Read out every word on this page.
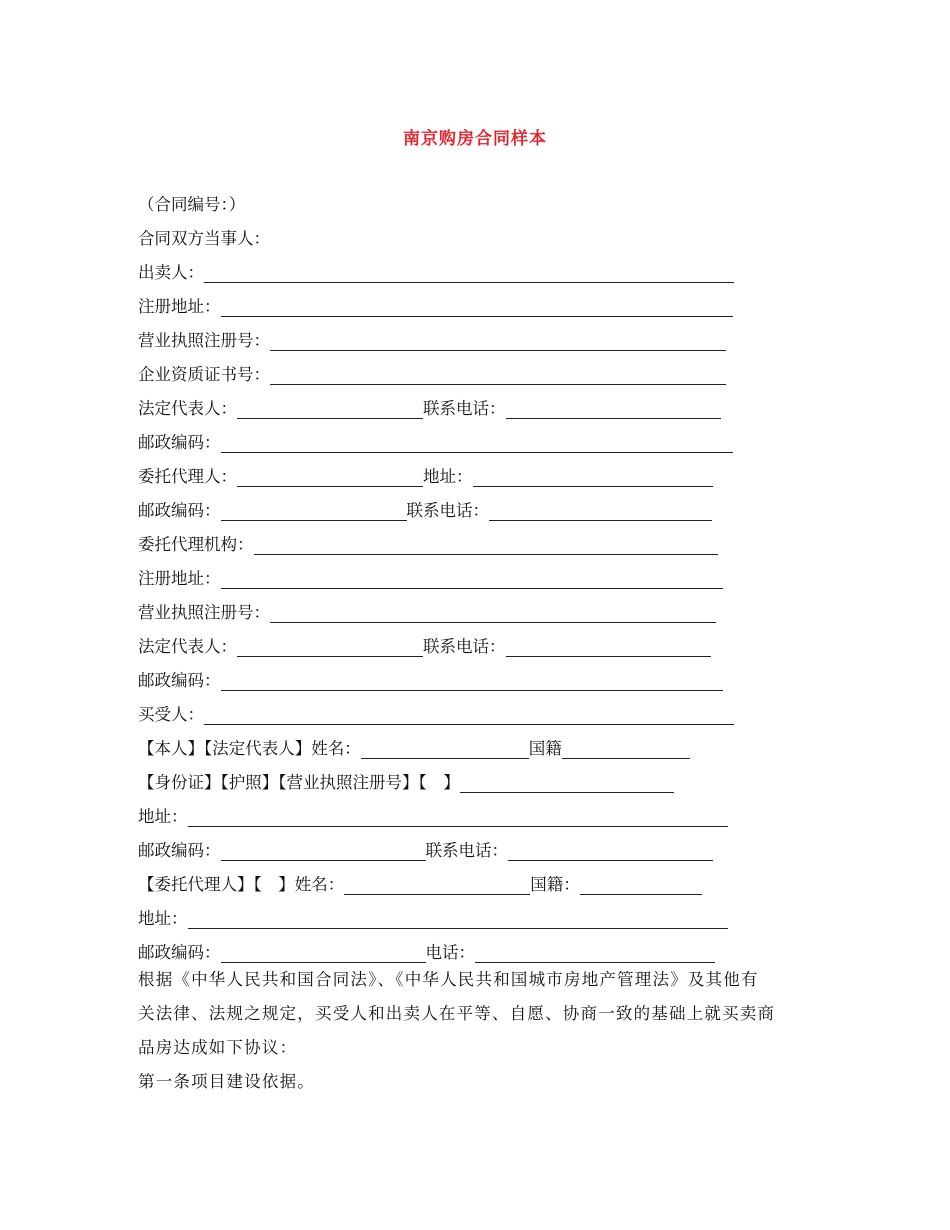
南京购房合同样本
（合同编号：）
合同双方当事人：
出卖人：
注册地址：
营业执照注册号：
企业资质证书号：
法定代表人：	联系电话：
邮政编码：
委托代理人：	地址：
邮政编码：	联系电话：
委托代理机构：
注册地址：
营业执照注册号：
法定代表人：	联系电话：
邮政编码：
买受人：
【本人】【法定代表人】姓名：	国籍
【身份证】【护照】【营业执照注册号】【　】
地址：
邮政编码：	联系电话：
【委托代理人】【　】姓名：	国籍：
地址：
邮政编码：	电话：
根据《中华人民共和国合同法》、《中华人民共和国城市房地产管理法》及其他有
关法律、法规之规定，买受人和出卖人在平等、自愿、协商一致的基础上就买卖商
品房达成如下协议：
第一条项目建设依据。
